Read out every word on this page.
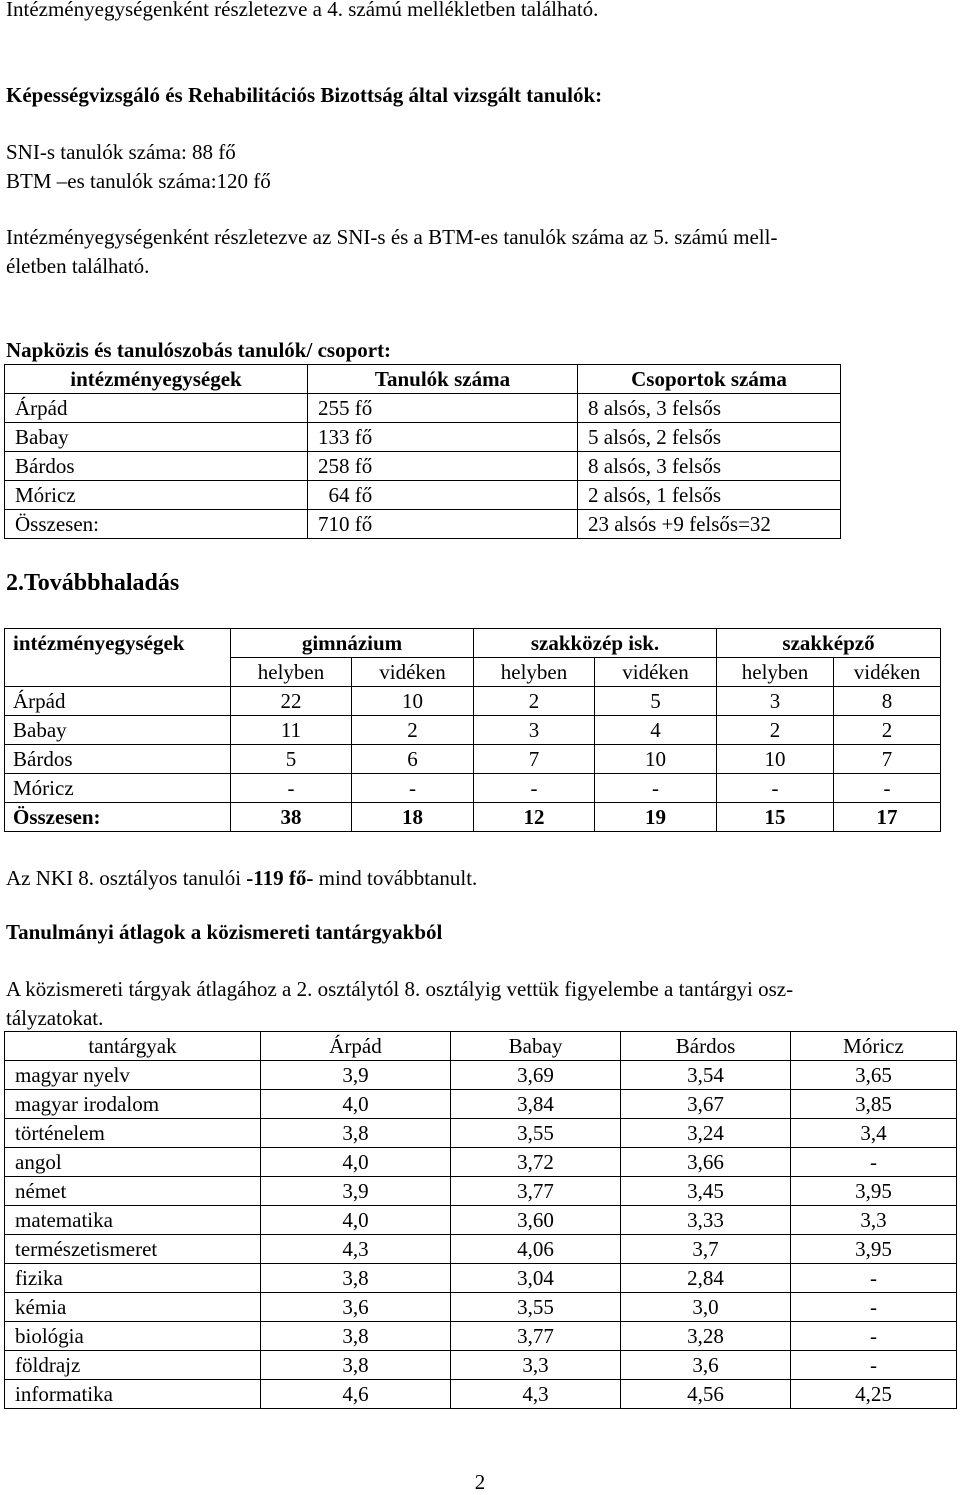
Intézményegységenként részletezve a 4. számú mellékletben található.
Képességvizsgáló és Rehabilitációs Bizottság által vizsgált tanulók:
SNI-s tanulók száma: 88 fő
BTM –es tanulók száma:120 fő
Intézményegységenként részletezve az SNI-s és a BTM-es tanulók száma az 5. számú mell-
életben található.
Napközis és tanulószobás tanulók/ csoport:
intézményegységek	Tanulók száma	Csoportok száma
Árpád	255 fő	8 alsós, 3 felsős
Babay	133 fő	5 alsós, 2 felsős
Bárdos	258 fő	8 alsós, 3 felsős
Móricz	64 fő	2 alsós, 1 felsős
Összesen:	710 fő	23 alsós +9 felsős=32
2.Továbbhaladás
intézményegységek	gimnázium		szakközép isk.		szakképző	
	helyben	vidéken	helyben	vidéken	helyben	vidéken
Árpád	22	10	2	5	3	8
Babay	11	2	3	4	2	2
Bárdos	5	6	7	10	10	7
Móricz	-	-	-	-	-	-
Összesen:	38	18	12	19	15	17
Az NKI 8. osztályos tanulói -119 fő- mind továbbtanult.
Tanulmányi átlagok a közismereti tantárgyakból
A közismereti tárgyak átlagához a 2. osztálytól 8. osztályig vettük figyelembe a tantárgyi osz-
tályzatokat.
tantárgyak	Árpád	Babay	Bárdos	Móricz
magyar nyelv	3,9	3,69	3,54	3,65
magyar irodalom	4,0	3,84	3,67	3,85
történelem	3,8	3,55	3,24	3,4
angol	4,0	3,72	3,66	-
német	3,9	3,77	3,45	3,95
matematika	4,0	3,60	3,33	3,3
természetismeret	4,3	4,06	3,7	3,95
fizika	3,8	3,04	2,84	-
kémia	3,6	3,55	3,0	-
biológia	3,8	3,77	3,28	-
földrajz	3,8	3,3	3,6	-
informatika	4,6	4,3	4,56	4,25
2
